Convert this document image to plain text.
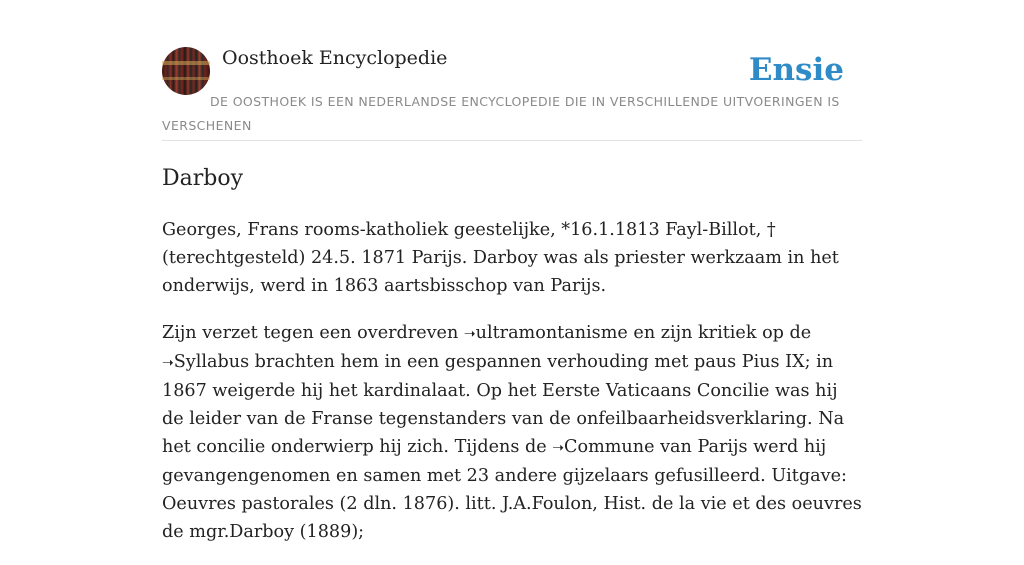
Oosthoek Encyclopedie	Ensie
DE OOSTHOEK IS EEN NEDERLANDSE ENCYCLOPEDIE DIE IN VERSCHILLENDE UITVOERINGEN IS VERSCHENEN
Darboy

Georges, Frans rooms-katholiek geestelijke, *16.1.1813 Fayl-Billot, † (terechtgesteld) 24.5. 1871 Parijs. Darboy was als priester werkzaam in het onderwijs, werd in 1863 aartsbisschop van Parijs.

Zijn verzet tegen een overdreven ➝ultramontanisme en zijn kritiek op de ➝Syllabus brachten hem in een gespannen verhouding met paus Pius IX; in 1867 weigerde hij het kardinalaat. Op het Eerste Vaticaans Concilie was hij de leider van de Franse tegenstanders van de onfeilbaarheidsverklaring. Na het concilie onderwierp hij zich. Tijdens de ➝Commune van Parijs werd hij gevangengenomen en samen met 23 andere gijzelaars gefusilleerd. Uitgave: Oeuvres pastorales (2 dln. 1876). litt. J.A.Foulon, Hist. de la vie et des oeuvres de mgr.Darboy (1889);
